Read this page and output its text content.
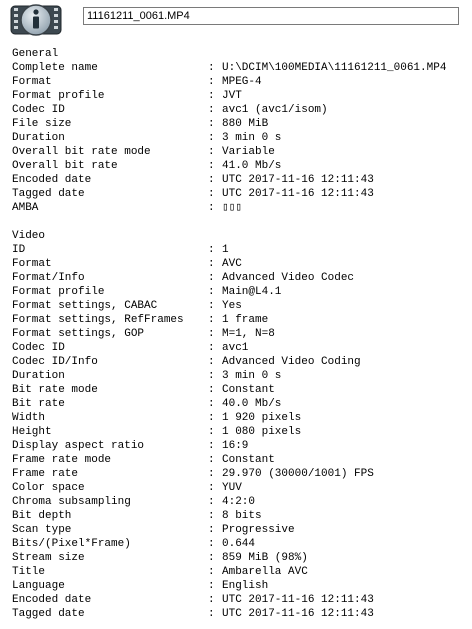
11161211_0061.MP4
General
Complete name	: U:\DCIM\100MEDIA\11161211_0061.MP4
Format	: MPEG-4
Format profile	: JVT
Codec ID	: avc1 (avc1/isom)
File size	: 880 MiB
Duration	: 3 min 0 s
Overall bit rate mode	: Variable
Overall bit rate	: 41.0 Mb/s
Encoded date	: UTC 2017-11-16 12:11:43
Tagged date	: UTC 2017-11-16 12:11:43
AMBA	: ▯▯▯
Video
ID	: 1
Format	: AVC
Format/Info	: Advanced Video Codec
Format profile	: Main@L4.1
Format settings, CABAC	: Yes
Format settings, RefFrames : 1 frame
Format settings, GOP	: M=1, N=8
Codec ID	: avc1
Codec ID/Info	: Advanced Video Coding
Duration	: 3 min 0 s
Bit rate mode	: Constant
Bit rate	: 40.0 Mb/s
Width	: 1 920 pixels
Height	: 1 080 pixels
Display aspect ratio	: 16:9
Frame rate mode	: Constant
Frame rate	: 29.970 (30000/1001) FPS
Color space	: YUV
Chroma subsampling	: 4:2:0
Bit depth	: 8 bits
Scan type	: Progressive
Bits/(Pixel*Frame)	: 0.644
Stream size	: 859 MiB (98%)
Title	: Ambarella AVC
Language	: English
Encoded date	: UTC 2017-11-16 12:11:43
Tagged date	: UTC 2017-11-16 12:11:43
